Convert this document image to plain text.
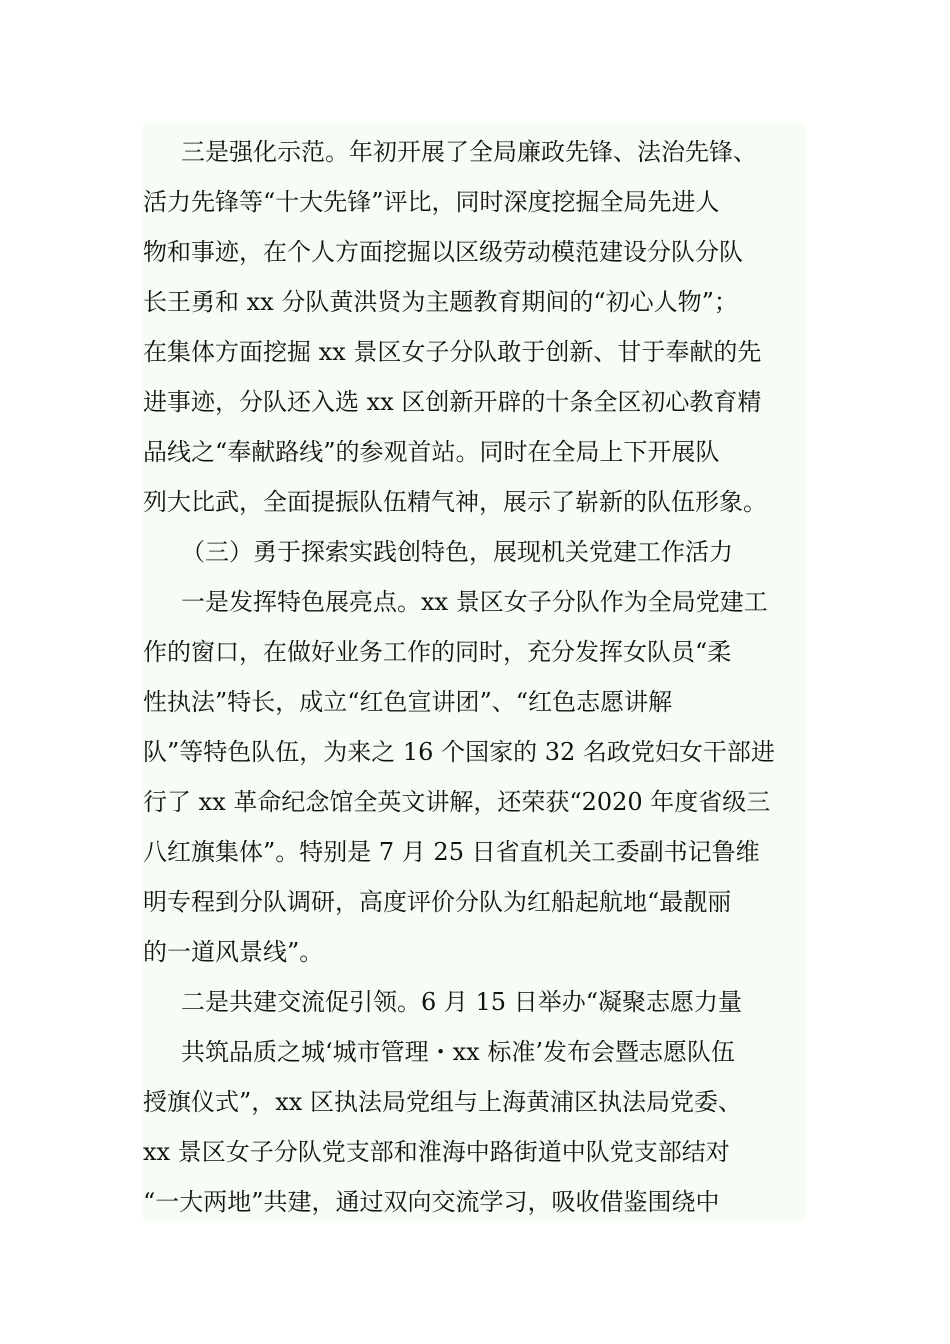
三是强化示范。年初开展了全局廉政先锋、法治先锋、
活力先锋等“十大先锋”评比，同时深度挖掘全局先进人
物和事迹，在个人方面挖掘以区级劳动模范建设分队分队
长王勇和 xx 分队黄洪贤为主题教育期间的“初心人物”；
在集体方面挖掘 xx 景区女子分队敢于创新、甘于奉献的先
进事迹，分队还入选 xx 区创新开辟的十条全区初心教育精
品线之“奉献路线”的参观首站。同时在全局上下开展队
列大比武，全面提振队伍精气神，展示了崭新的队伍形象。
（三）勇于探索实践创特色，展现机关党建工作活力
一是发挥特色展亮点。xx 景区女子分队作为全局党建工
作的窗口，在做好业务工作的同时，充分发挥女队员“柔
性执法”特长，成立“红色宣讲团”、“红色志愿讲解
队”等特色队伍，为来之 16 个国家的 32 名政党妇女干部进
行了 xx 革命纪念馆全英文讲解，还荣获“2020 年度省级三
八红旗集体”。特别是 7 月 25 日省直机关工委副书记鲁维
明专程到分队调研，高度评价分队为红船起航地“最靓丽
的一道风景线”。
二是共建交流促引领。6 月 15 日举办“凝聚志愿力量
共筑品质之城‘城市管理・xx 标准’发布会暨志愿队伍
授旗仪式”，xx 区执法局党组与上海黄浦区执法局党委、
xx 景区女子分队党支部和淮海中路街道中队党支部结对
“一大两地”共建，通过双向交流学习，吸收借鉴围绕中
